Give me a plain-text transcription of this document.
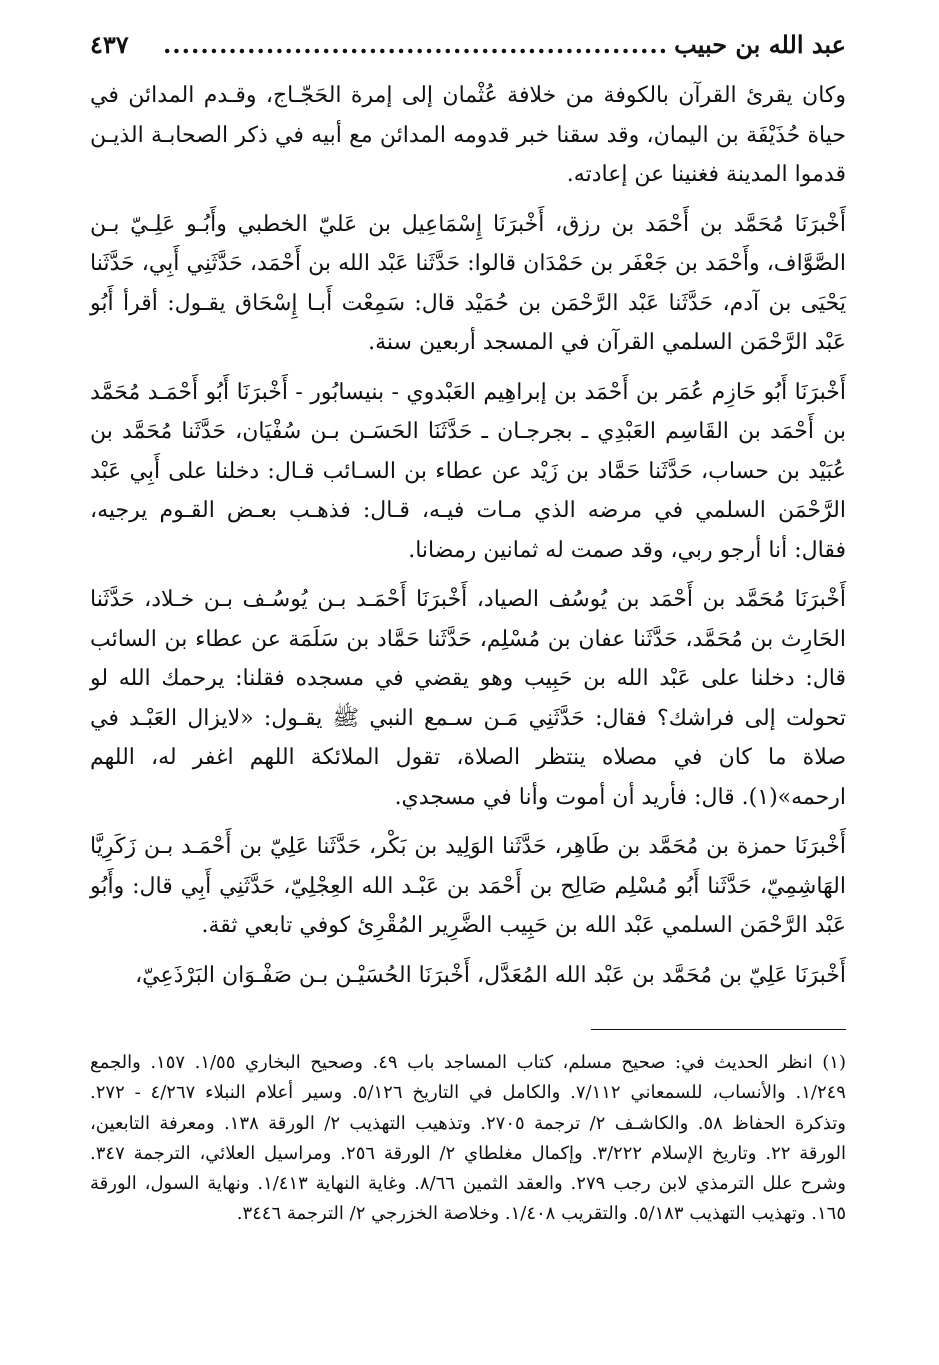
عبد الله بن حبيب
......................................................
٤٣٧

وكان يقرئ القرآن بالكوفة من خلافة عُثْمان إلى إمرة الحَجّـاج، وقـدم المدائن في حياة حُذَيْفَة بن اليمان، وقد سقنا خبر قدومه المدائن مع أبيه في ذكر الصحابـة الذيـن قدموا المدينة فغنينا عن إعادته.

أَخْبرَنَا مُحَمَّد بن أَحْمَد بن رزق، أَخْبرَنَا إِسْمَاعِيل بن عَليّ الخطبي وأَبُـو عَلِـيّ بـن الصَّوَّاف، وأَحْمَد بن جَعْفَر بن حَمْدَان قالوا: حَدَّثَنا عَبْد الله بن أَحْمَد، حَدَّثَنِي أَبِي، حَدَّثَنا يَحْيَى بن آدم، حَدَّثَنا عَبْد الرَّحْمَن بن حُمَيْد قال: سَمِعْت أَبـا إِسْحَاق يقـول: أقرأ أَبُو عَبْد الرَّحْمَن السلمي القرآن في المسجد أربعين سنة.

أَخْبرَنَا أَبُو حَازِم عُمَر بن أَحْمَد بن إبراهِيم العَبْدوي - بنيسابُور - أَخْبرَنَا أَبُو أَحْمَـد مُحَمَّد بن أَحْمَد بن القَاسِم العَبْدِي ـ بجرجـان ـ حَدَّثَنَا الحَسَـن بـن سُفْيَان، حَدَّثَنا مُحَمَّد بن عُبَيْد بن حساب، حَدَّثَنا حَمَّاد بن زَيْد عن عطاء بن السـائب قـال: دخلنا على أَبِي عَبْد الرَّحْمَن السلمي في مرضه الذي مـات فيـه، قـال: فذهـب بعـض القـوم يرجيه، فقال: أنا أرجو ربي، وقد صمت له ثمانين رمضانا.

أَخْبرَنَا مُحَمَّد بن أَحْمَد بن يُوسُف الصياد، أَخْبرَنَا أَحْمَـد بـن يُوسُـف بـن خـلاد، حَدَّثَنا الحَارِث بن مُحَمَّد، حَدَّثَنا عفان بن مُسْلِم، حَدَّثَنا حَمَّاد بن سَلَمَة عن عطاء بن السائب قال: دخلنا على عَبْد الله بن حَبِيب وهو يقضي في مسجده فقلنا: يرحمك الله لو تحولت إلى فراشك؟ فقال: حَدَّثَنِي مَـن سـمع النبي ﷺ يقـول: «لايزال العَبْـد في صلاة ما كان في مصلاه ينتظر الصلاة، تقول الملائكة اللهم اغفر له، اللهم ارحمه»(١). قال: فأريد أن أموت وأنا في مسجدي.

أَخْبرَنَا حمزة بن مُحَمَّد بن طَاهِر، حَدَّثَنا الوَلِيد بن بَكْر، حَدَّثَنا عَلِيّ بن أَحْمَـد بـن زَكَرِيَّا الهَاشِمِيّ، حَدَّثَنا أَبُو مُسْلِم صَالِح بن أَحْمَد بن عَبْـد الله العِجْلِيّ، حَدَّثَنِي أَبِي قال: وأَبُو عَبْد الرَّحْمَن السلمي عَبْد الله بن حَبِيب الضَّرِير المُقْرِئ كوفي تابعي ثقة.

أَخْبرَنَا عَلِيّ بن مُحَمَّد بن عَبْد الله المُعَدَّل، أَخْبرَنَا الحُسَيْـن بـن صَفْـوَان البَرْذَعِيّ،

(١) انظر الحديث في: صحيح مسلم، كتاب المساجد باب ٤٩. وصحيح البخاري ١/٥٥. ١٥٧. والجمع ١/٢٤٩. والأنساب، للسمعاني ٧/١١٢. والكامل في التاريخ ٥/١٢٦. وسير أعلام النبلاء ٤/٢٦٧ - ٢٧٢. وتذكرة الحفاظ ٥٨. والكاشـف ٢/ ترجمة ٢٧٠٥. وتذهيب التهذيب ٢/ الورقة ١٣٨. ومعرفة التابعين، الورقة ٢٢. وتاريخ الإسلام ٣/٢٢٢. وإكمال مغلطاي ٢/ الورقة ٢٥٦. ومراسيل العلائي، الترجمة ٣٤٧. وشرح علل الترمذي لابن رجب ٢٧٩. والعقد الثمين ٨/٦٦. وغاية النهاية ١/٤١٣. ونهاية السول، الورقة ١٦٥. وتهذيب التهذيب ٥/١٨٣. والتقريب ١/٤٠٨. وخلاصة الخزرجي ٢/ الترجمة ٣٤٤٦.
